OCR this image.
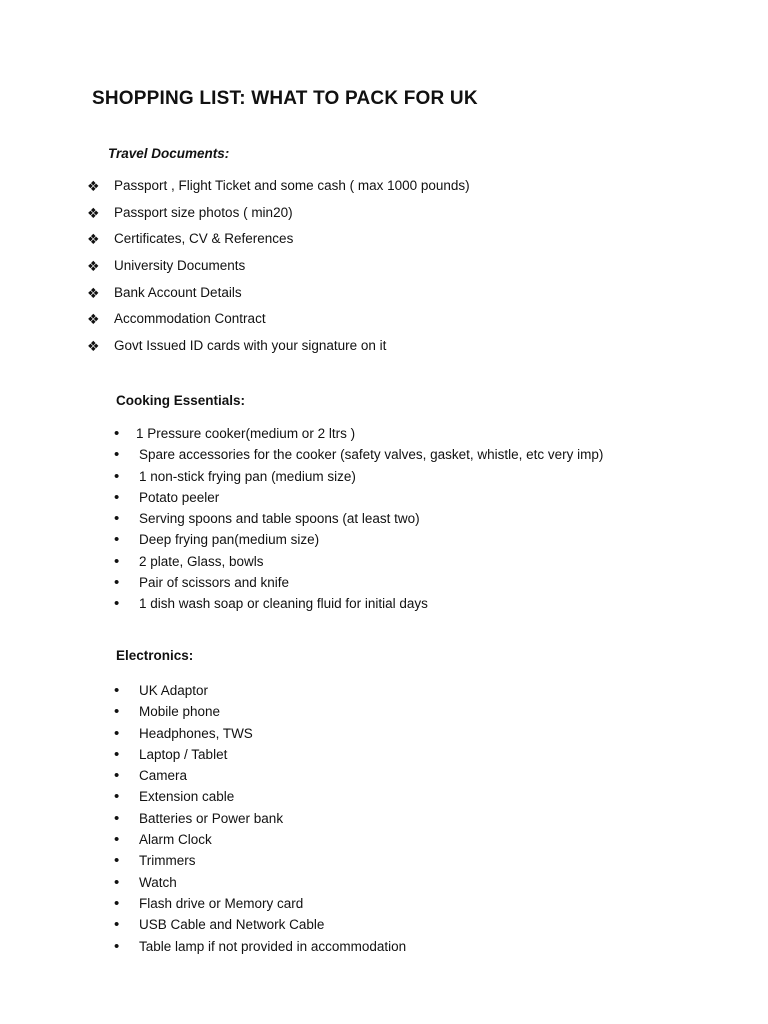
SHOPPING LIST: WHAT TO PACK FOR UK
Travel Documents:
❖ Passport , Flight Ticket and some cash ( max 1000 pounds)
❖ Passport size photos ( min20)
❖ Certificates, CV & References
❖ University Documents
❖ Bank Account Details
❖ Accommodation Contract
❖ Govt Issued ID cards with your signature on it
Cooking Essentials:
• 1 Pressure cooker(medium or 2 ltrs )
• Spare accessories for the cooker (safety valves, gasket, whistle, etc very imp)
• 1 non-stick frying pan (medium size)
• Potato peeler
• Serving spoons and table spoons (at least two)
• Deep frying pan(medium size)
• 2 plate, Glass, bowls
• Pair of scissors and knife
• 1 dish wash soap or cleaning fluid for initial days
Electronics:
• UK Adaptor
• Mobile phone
• Headphones, TWS
• Laptop / Tablet
• Camera
• Extension cable
• Batteries or Power bank
• Alarm Clock
• Trimmers
• Watch
• Flash drive or Memory card
• USB Cable and Network Cable
• Table lamp if not provided in accommodation
